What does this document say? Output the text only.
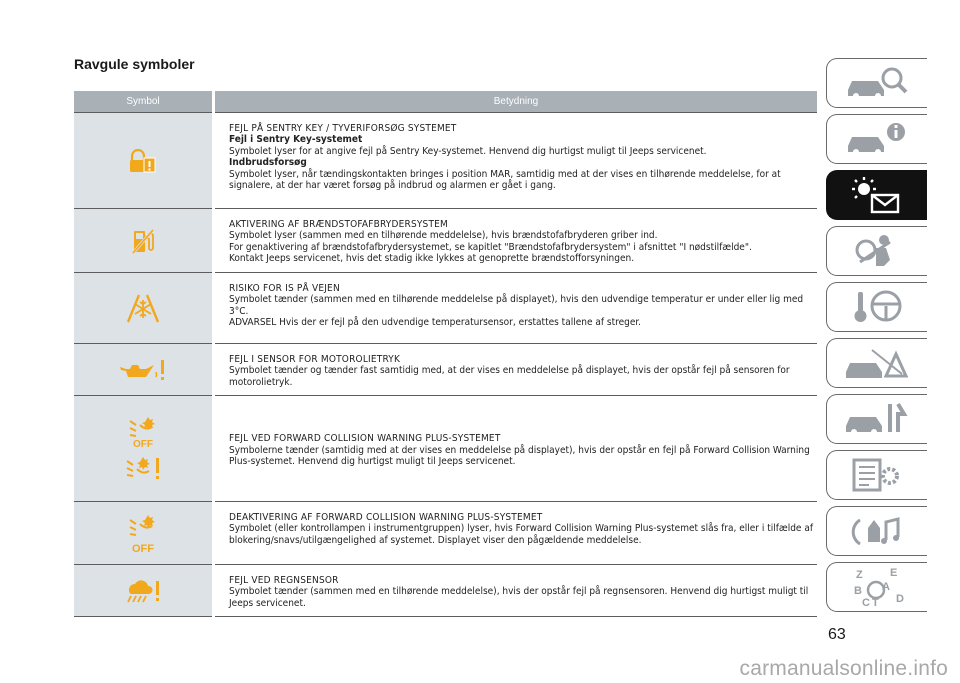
Ravgule symboler
Symbol	Betydning

FEJL PÅ SENTRY KEY / TYVERIFORSØG SYSTEMET
Fejl i Sentry Key-systemet
Symbolet lyser for at angive fejl på Sentry Key-systemet. Henvend dig hurtigst muligt til Jeeps servicenet.
Indbrudsforsøg
Symbolet lyser, når tændingskontakten bringes i position MAR, samtidig med at der vises en tilhørende meddelelse, for at signalere, at der har været forsøg på indbrud og alarmen er gået i gang.

AKTIVERING AF BRÆNDSTOFAFBRYDERSYSTEM
Symbolet lyser (sammen med en tilhørende meddelelse), hvis brændstofafbryderen griber ind.
For genaktivering af brændstofafbrydersystemet, se kapitlet "Brændstofafbrydersystem" i afsnittet "I nødstilfælde".
Kontakt Jeeps servicenet, hvis det stadig ikke lykkes at genoprette brændstofforsyningen.

RISIKO FOR IS PÅ VEJEN
Symbolet tænder (sammen med en tilhørende meddelelse på displayet), hvis den udvendige temperatur er under eller lig med 3°C.
ADVARSEL Hvis der er fejl på den udvendige temperatursensor, erstattes tallene af streger.

FEJL I SENSOR FOR MOTOROLIETRYK
Symbolet tænder og tænder fast samtidig med, at der vises en meddelelse på displayet, hvis der opstår fejl på sensoren for motorolietryk.

OFF	FEJL VED FORWARD COLLISION WARNING PLUS-SYSTEMET
Symbolerne tænder (samtidig med at der vises en meddelelse på displayet), hvis der opstår en fejl på Forward Collision Warning Plus-systemet. Henvend dig hurtigst muligt til Jeeps servicenet.

OFF	DEAKTIVERING AF FORWARD COLLISION WARNING PLUS-SYSTEMET
Symbolet (eller kontrollampen i instrumentgruppen) lyser, hvis Forward Collision Warning Plus-systemet slås fra, eller i tilfælde af blokering/snavs/utilgængelighed af systemet. Displayet viser den pågældende meddelelse.

FEJL VED REGNSENSOR
Symbolet tænder (sammen med en tilhørende meddelelse), hvis der opstår fejl på regnsensoren. Henvend dig hurtigst muligt til Jeeps servicenet.
Z E
B A
C T D
63
carmanualsonline.info
